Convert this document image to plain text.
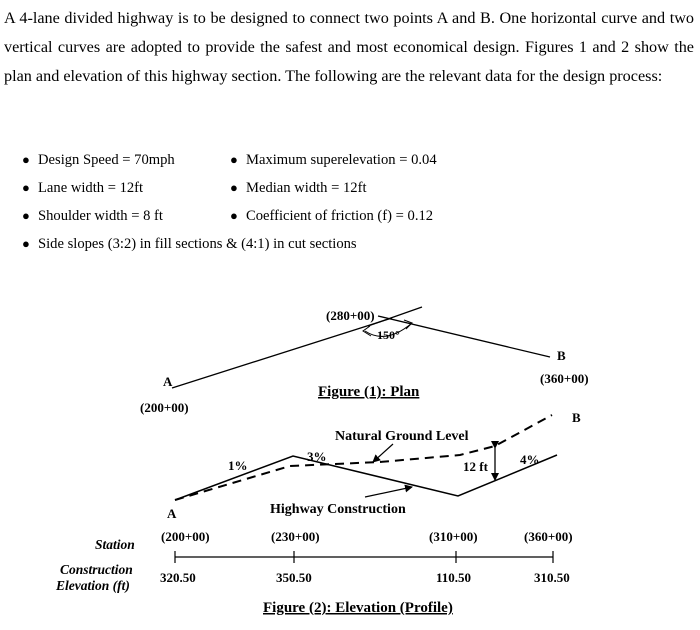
A 4-lane divided highway is to be designed to connect two points A and B. One horizontal curve and two vertical curves are adopted to provide the safest and most economical design. Figures 1 and 2 show the plan and elevation of this highway section. The following are the relevant data for the design process:
● Design Speed = 70mph	● Maximum superelevation = 0.04
● Lane width = 12ft	● Median width = 12ft
● Shoulder width = 8 ft	● Coefficient of friction (f) = 0.12
● Side slopes (3:2) in fill sections & (4:1) in cut sections
(280+00)
150°
A
(200+00)
B
(360+00)
Figure (1): Plan
12 ft
1%
3%	4%
Natural Ground Level
Highway Construction
A
B
Station
Construction
Elevation (ft)
(200+00)	(230+00)	(310+00)	(360+00)
320.50	350.50	110.50	310.50
Figure (2): Elevation (Profile)
